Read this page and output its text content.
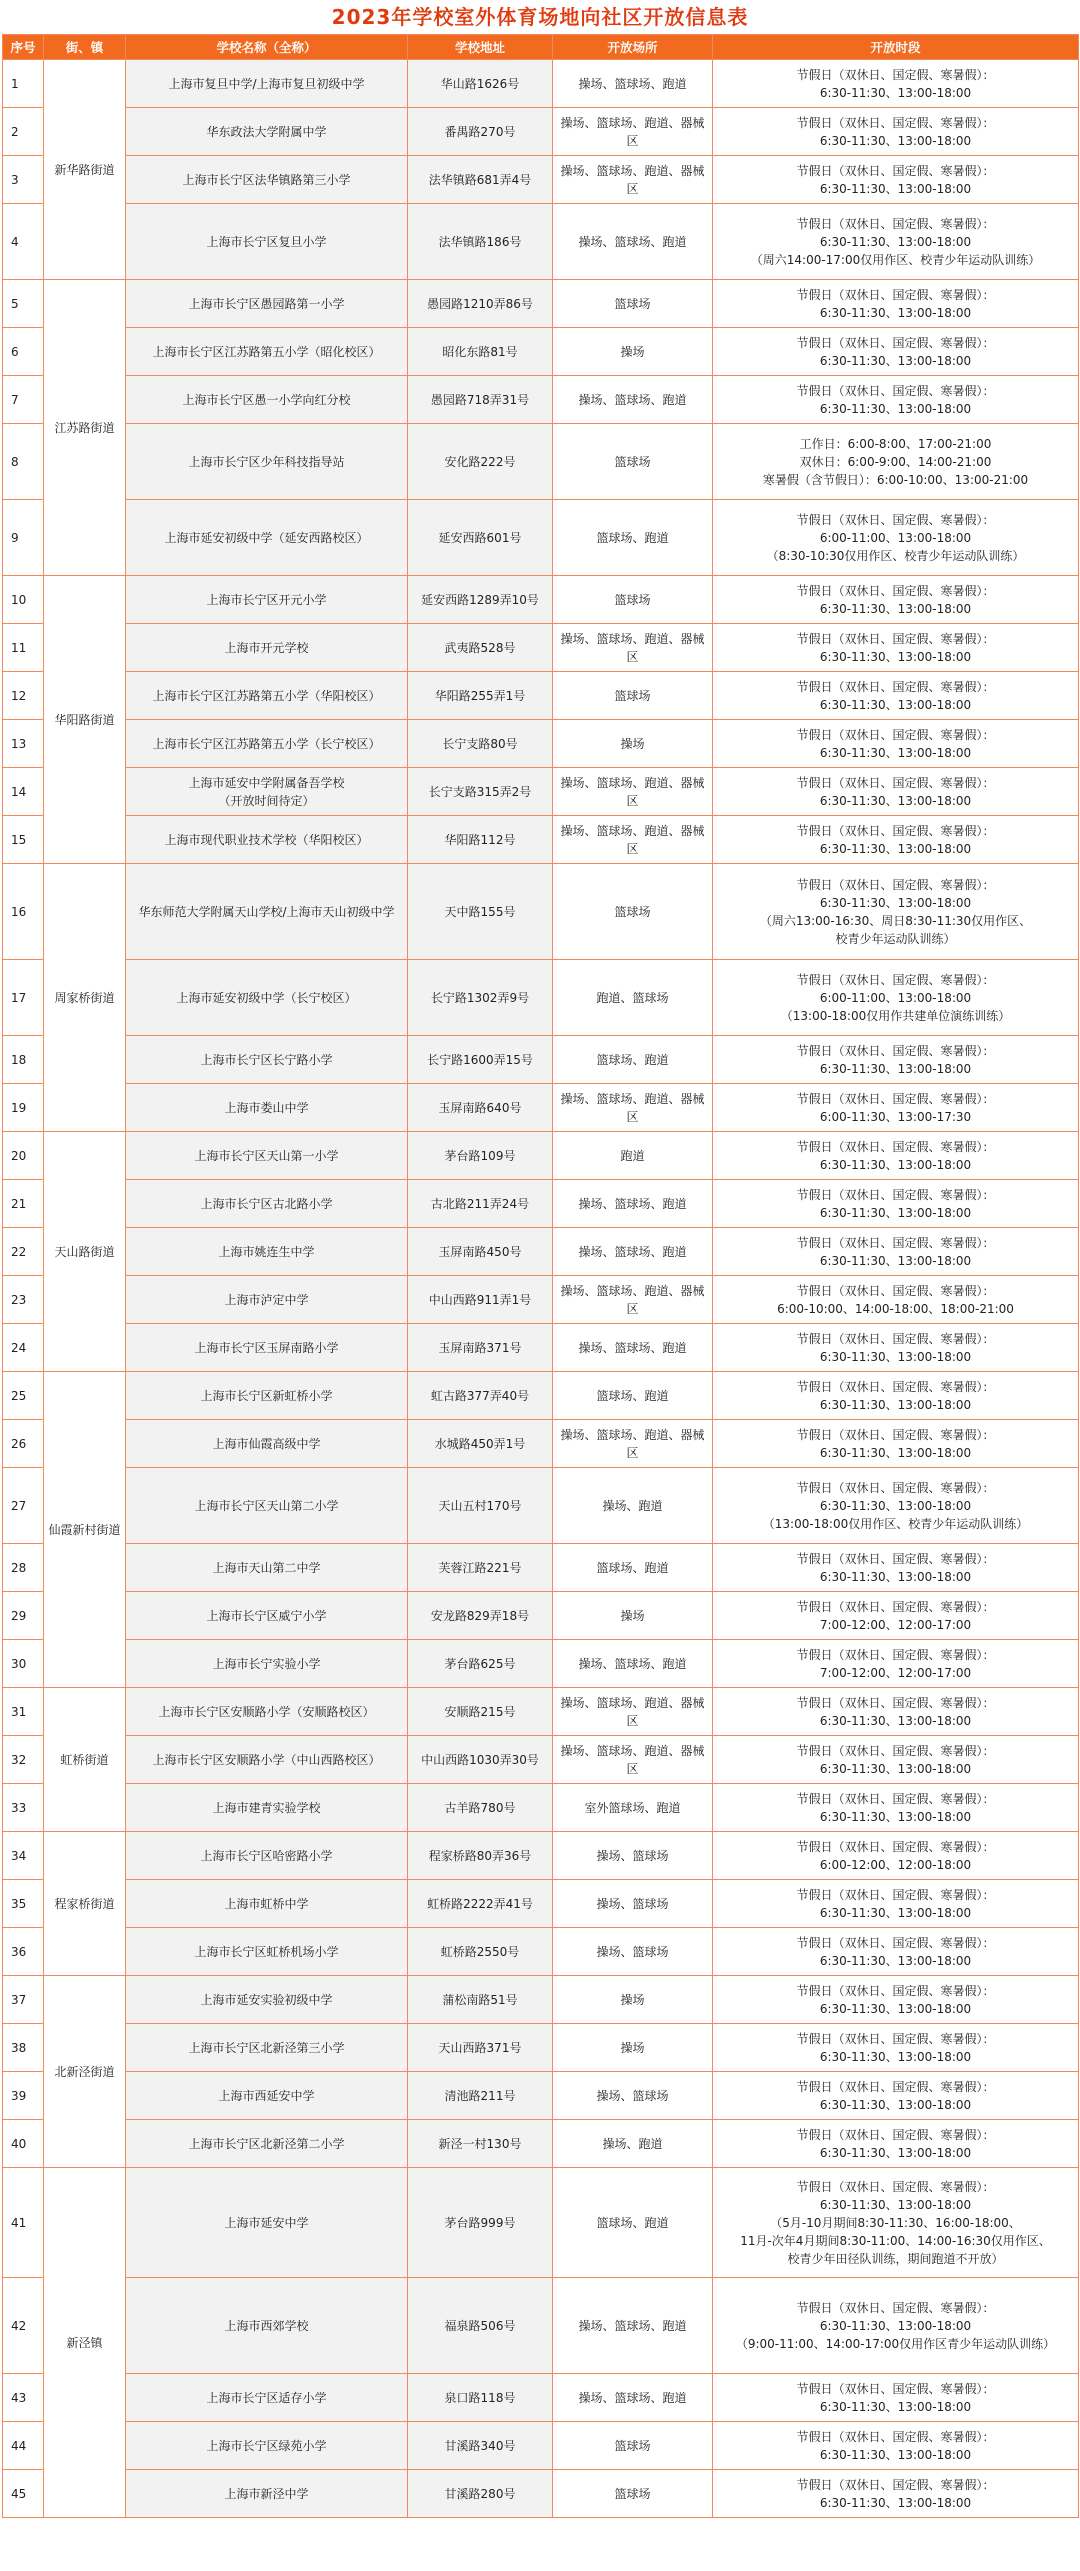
2023年学校室外体育场地向社区开放信息表
序号	街、镇	学校名称（全称）	学校地址	开放场所	开放时段
1	新华路街道	上海市复旦中学/上海市复旦初级中学	华山路1626号	操场、篮球场、跑道	节假日（双休日、国定假、寒暑假）：
6:30-11:30、13:00-18:00
2		华东政法大学附属中学	番禺路270号	操场、篮球场、跑道、器械区	节假日（双休日、国定假、寒暑假）：
6:30-11:30、13:00-18:00
3		上海市长宁区法华镇路第三小学	法华镇路681弄4号	操场、篮球场、跑道、器械区	节假日（双休日、国定假、寒暑假）：
6:30-11:30、13:00-18:00
4		上海市长宁区复旦小学	法华镇路186号	操场、篮球场、跑道	节假日（双休日、国定假、寒暑假）：
6:30-11:30、13:00-18:00
（周六14:00-17:00仅用作区、校青少年运动队训练）
5	江苏路街道	上海市长宁区愚园路第一小学	愚园路1210弄86号	篮球场	节假日（双休日、国定假、寒暑假）：
6:30-11:30、13:00-18:00
6		上海市长宁区江苏路第五小学（昭化校区）	昭化东路81号	操场	节假日（双休日、国定假、寒暑假）：
6:30-11:30、13:00-18:00
7		上海市长宁区愚一小学向红分校	愚园路718弄31号	操场、篮球场、跑道	节假日（双休日、国定假、寒暑假）：
6:30-11:30、13:00-18:00
8		上海市长宁区少年科技指导站	安化路222号	篮球场	工作日：6:00-8:00、17:00-21:00
双休日：6:00-9:00、14:00-21:00
寒暑假（含节假日）：6:00-10:00、13:00-21:00
9		上海市延安初级中学（延安西路校区）	延安西路601号	篮球场、跑道	节假日（双休日、国定假、寒暑假）：
6:00-11:00、13:00-18:00
（8:30-10:30仅用作区、校青少年运动队训练）
10	华阳路街道	上海市长宁区开元小学	延安西路1289弄10号	篮球场	节假日（双休日、国定假、寒暑假）：
6:30-11:30、13:00-18:00
11		上海市开元学校	武夷路528号	操场、篮球场、跑道、器械区	节假日（双休日、国定假、寒暑假）：
6:30-11:30、13:00-18:00
12		上海市长宁区江苏路第五小学（华阳校区）	华阳路255弄1号	篮球场	节假日（双休日、国定假、寒暑假）：
6:30-11:30、13:00-18:00
13		上海市长宁区江苏路第五小学（长宁校区）	长宁支路80号	操场	节假日（双休日、国定假、寒暑假）：
6:30-11:30、13:00-18:00
14		上海市延安中学附属备吾学校
（开放时间待定）	长宁支路315弄2号	操场、篮球场、跑道、器械区	节假日（双休日、国定假、寒暑假）：
6:30-11:30、13:00-18:00
15		上海市现代职业技术学校（华阳校区）	华阳路112号	操场、篮球场、跑道、器械区	节假日（双休日、国定假、寒暑假）：
6:30-11:30、13:00-18:00
16	周家桥街道	华东师范大学附属天山学校/上海市天山初级中学	天中路155号	篮球场	节假日（双休日、国定假、寒暑假）：
6:30-11:30、13:00-18:00
（周六13:00-16:30、周日8:30-11:30仅用作区、
校青少年运动队训练）
17		上海市延安初级中学（长宁校区）	长宁路1302弄9号	跑道、篮球场	节假日（双休日、国定假、寒暑假）：
6:00-11:00、13:00-18:00
（13:00-18:00仅用作共建单位演练训练）
18		上海市长宁区长宁路小学	长宁路1600弄15号	篮球场、跑道	节假日（双休日、国定假、寒暑假）：
6:30-11:30、13:00-18:00
19		上海市娄山中学	玉屏南路640号	操场、篮球场、跑道、器械区	节假日（双休日、国定假、寒暑假）：
6:00-11:30、13:00-17:30
20	天山路街道	上海市长宁区天山第一小学	茅台路109号	跑道	节假日（双休日、国定假、寒暑假）：
6:30-11:30、13:00-18:00
21		上海市长宁区古北路小学	古北路211弄24号	操场、篮球场、跑道	节假日（双休日、国定假、寒暑假）：
6:30-11:30、13:00-18:00
22		上海市姚连生中学	玉屏南路450号	操场、篮球场、跑道	节假日（双休日、国定假、寒暑假）：
6:30-11:30、13:00-18:00
23		上海市泸定中学	中山西路911弄1号	操场、篮球场、跑道、器械区	节假日（双休日、国定假、寒暑假）：
6:00-10:00、14:00-18:00、18:00-21:00
24		上海市长宁区玉屏南路小学	玉屏南路371号	操场、篮球场、跑道	节假日（双休日、国定假、寒暑假）：
6:30-11:30、13:00-18:00
25	仙霞新村街道	上海市长宁区新虹桥小学	虹古路377弄40号	篮球场、跑道	节假日（双休日、国定假、寒暑假）：
6:30-11:30、13:00-18:00
26		上海市仙霞高级中学	水城路450弄1号	操场、篮球场、跑道、器械区	节假日（双休日、国定假、寒暑假）：
6:30-11:30、13:00-18:00
27		上海市长宁区天山第二小学	天山五村170号	操场、跑道	节假日（双休日、国定假、寒暑假）：
6:30-11:30、13:00-18:00
（13:00-18:00仅用作区、校青少年运动队训练）
28		上海市天山第二中学	芙蓉江路221号	篮球场、跑道	节假日（双休日、国定假、寒暑假）：
6:30-11:30、13:00-18:00
29		上海市长宁区威宁小学	安龙路829弄18号	操场	节假日（双休日、国定假、寒暑假）：
7:00-12:00、12:00-17:00
30		上海市长宁实验小学	茅台路625号	操场、篮球场、跑道	节假日（双休日、国定假、寒暑假）：
7:00-12:00、12:00-17:00
31	虹桥街道	上海市长宁区安顺路小学（安顺路校区）	安顺路215号	操场、篮球场、跑道、器械区	节假日（双休日、国定假、寒暑假）：
6:30-11:30、13:00-18:00
32		上海市长宁区安顺路小学（中山西路校区）	中山西路1030弄30号	操场、篮球场、跑道、器械区	节假日（双休日、国定假、寒暑假）：
6:30-11:30、13:00-18:00
33		上海市建青实验学校	古羊路780号	室外篮球场、跑道	节假日（双休日、国定假、寒暑假）：
6:30-11:30、13:00-18:00
34	程家桥街道	上海市长宁区哈密路小学	程家桥路80弄36号	操场、篮球场	节假日（双休日、国定假、寒暑假）：
6:00-12:00、12:00-18:00
35		上海市虹桥中学	虹桥路2222弄41号	操场、篮球场	节假日（双休日、国定假、寒暑假）：
6:30-11:30、13:00-18:00
36		上海市长宁区虹桥机场小学	虹桥路2550号	操场、篮球场	节假日（双休日、国定假、寒暑假）：
6:30-11:30、13:00-18:00
37	北新泾街道	上海市延安实验初级中学	蒲松南路51号	操场	节假日（双休日、国定假、寒暑假）：
6:30-11:30、13:00-18:00
38		上海市长宁区北新泾第三小学	天山西路371号	操场	节假日（双休日、国定假、寒暑假）：
6:30-11:30、13:00-18:00
39		上海市西延安中学	清池路211号	操场、篮球场	节假日（双休日、国定假、寒暑假）：
6:30-11:30、13:00-18:00
40		上海市长宁区北新泾第二小学	新泾一村130号	操场、跑道	节假日（双休日、国定假、寒暑假）：
6:30-11:30、13:00-18:00
41	新泾镇	上海市延安中学	茅台路999号	篮球场、跑道	节假日（双休日、国定假、寒暑假）：
6:30-11:30、13:00-18:00
（5月-10月期间8:30-11:30、16:00-18:00、
11月-次年4月期间8:30-11:00、14:00-16:30仅用作区、
校青少年田径队训练，期间跑道不开放）
42		上海市西郊学校	福泉路506号	操场、篮球场、跑道	节假日（双休日、国定假、寒暑假）：
6:30-11:30、13:00-18:00
（9:00-11:00、14:00-17:00仅用作区青少年运动队训练）
43		上海市长宁区适存小学	泉口路118号	操场、篮球场、跑道	节假日（双休日、国定假、寒暑假）：
6:30-11:30、13:00-18:00
44		上海市长宁区绿苑小学	甘溪路340号	篮球场	节假日（双休日、国定假、寒暑假）：
6:30-11:30、13:00-18:00
45		上海市新泾中学	甘溪路280号	篮球场	节假日（双休日、国定假、寒暑假）：
6:30-11:30、13:00-18:00
